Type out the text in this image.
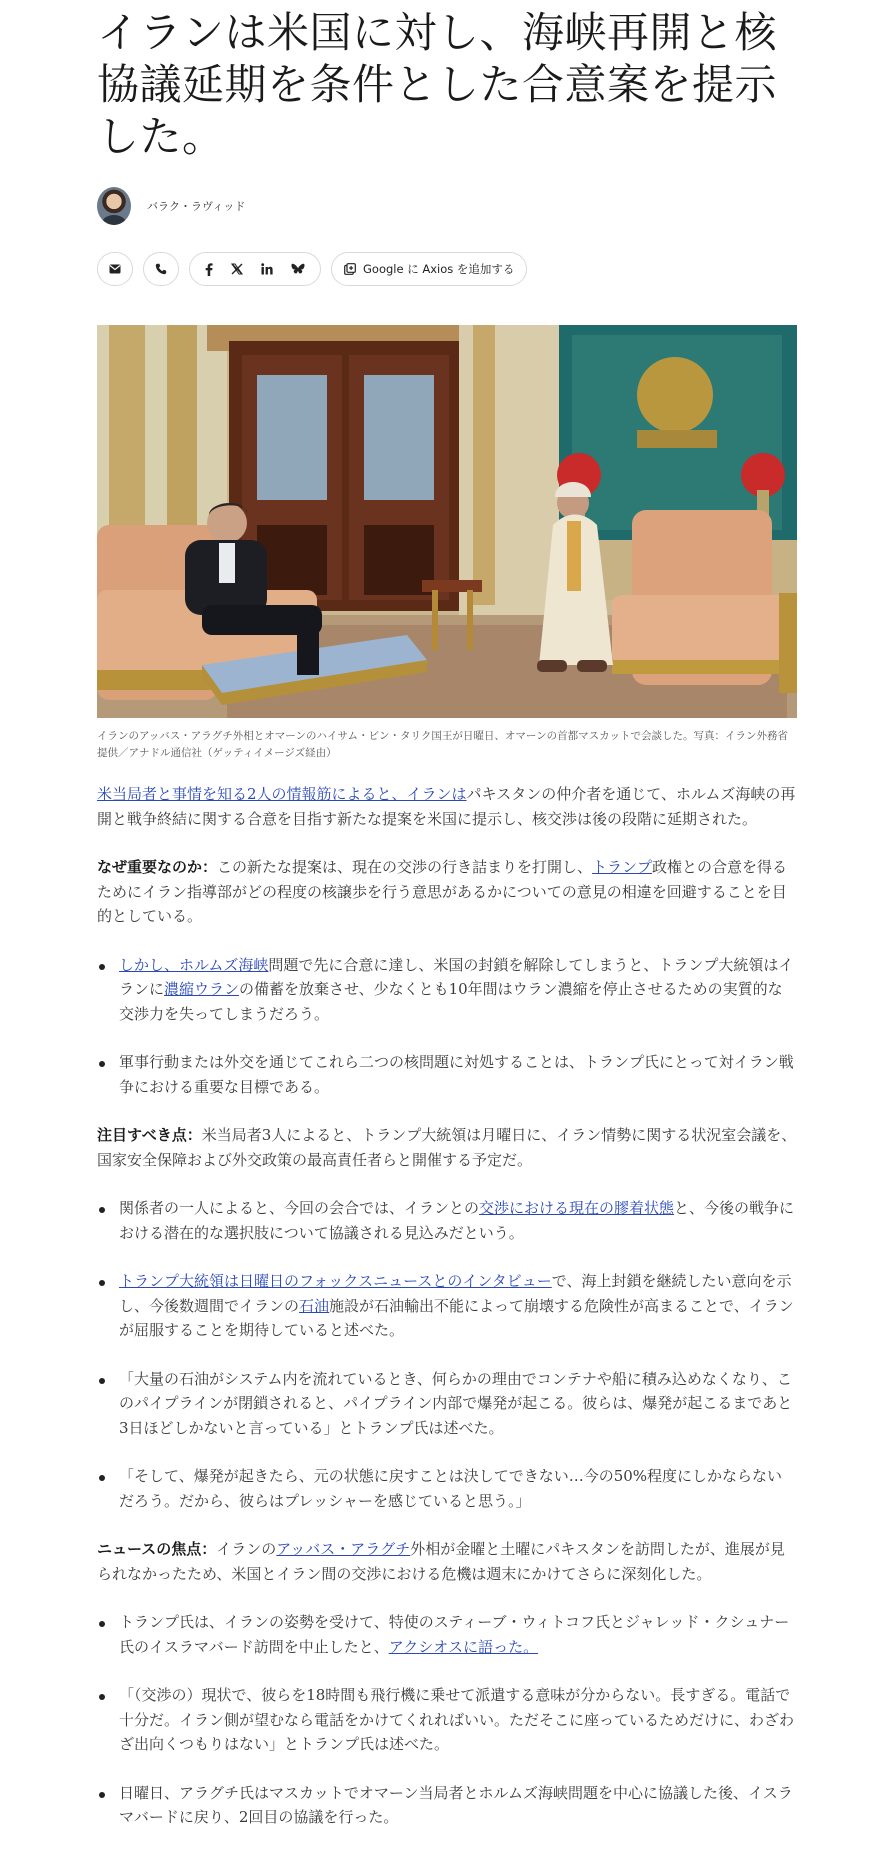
イランは米国に対し、海峡再開と核協議延期を条件とした合意案を提示した。
バラク・ラヴィッド
Google に Axios を追加する

イランのアッバス・アラグチ外相とオマーンのハイサム・ビン・タリク国王が日曜日、オマーンの首都マスカットで会談した。写真：イラン外務省提供／アナドル通信社（ゲッティイメージズ経由）

米当局者と事情を知る2人の情報筋によると、イランはパキスタンの仲介者を通じて、ホルムズ海峡の再開と戦争終結に関する合意を目指す新たな提案を米国に提示し、核交渉は後の段階に延期された。

なぜ重要なのか：この新たな提案は、現在の交渉の行き詰まりを打開し、トランプ政権との合意を得るためにイラン指導部がどの程度の核譲歩を行う意思があるかについての意見の相違を回避することを目的としている。

しかし、ホルムズ海峡問題で先に合意に達し、米国の封鎖を解除してしまうと、トランプ大統領はイランに濃縮ウランの備蓄を放棄させ、少なくとも10年間はウラン濃縮を停止させるための実質的な交渉力を失ってしまうだろう。
軍事行動または外交を通じてこれら二つの核問題に対処することは、トランプ氏にとって対イラン戦争における重要な目標である。

注目すべき点：米当局者3人によると、トランプ大統領は月曜日に、イラン情勢に関する状況室会議を、国家安全保障および外交政策の最高責任者らと開催する予定だ。

関係者の一人によると、今回の会合では、イランとの交渉における現在の膠着状態と、今後の戦争における潜在的な選択肢について協議される見込みだという。
トランプ大統領は日曜日のフォックスニュースとのインタビューで、海上封鎖を継続したい意向を示し、今後数週間でイランの石油施設が石油輸出不能によって崩壊する危険性が高まることで、イランが屈服することを期待していると述べた。
「大量の石油がシステム内を流れているとき、何らかの理由でコンテナや船に積み込めなくなり、このパイプラインが閉鎖されると、パイプライン内部で爆発が起こる。彼らは、爆発が起こるまであと3日ほどしかないと言っている」とトランプ氏は述べた。
「そして、爆発が起きたら、元の状態に戻すことは決してできない…今の50%程度にしかならないだろう。だから、彼らはプレッシャーを感じていると思う。」

ニュースの焦点：イランのアッバス・アラグチ外相が金曜と土曜にパキスタンを訪問したが、進展が見られなかったため、米国とイラン間の交渉における危機は週末にかけてさらに深刻化した。

トランプ氏は、イランの姿勢を受けて、特使のスティーブ・ウィトコフ氏とジャレッド・クシュナー氏のイスラマバード訪問を中止したと、アクシオスに語った。
「（交渉の）現状で、彼らを18時間も飛行機に乗せて派遣する意味が分からない。長すぎる。電話で十分だ。イラン側が望むなら電話をかけてくれればいい。ただそこに座っているためだけに、わざわざ出向くつもりはない」とトランプ氏は述べた。
日曜日、アラグチ氏はマスカットでオマーン当局者とホルムズ海峡問題を中心に協議した後、イスラマバードに戻り、2回目の協議を行った。
